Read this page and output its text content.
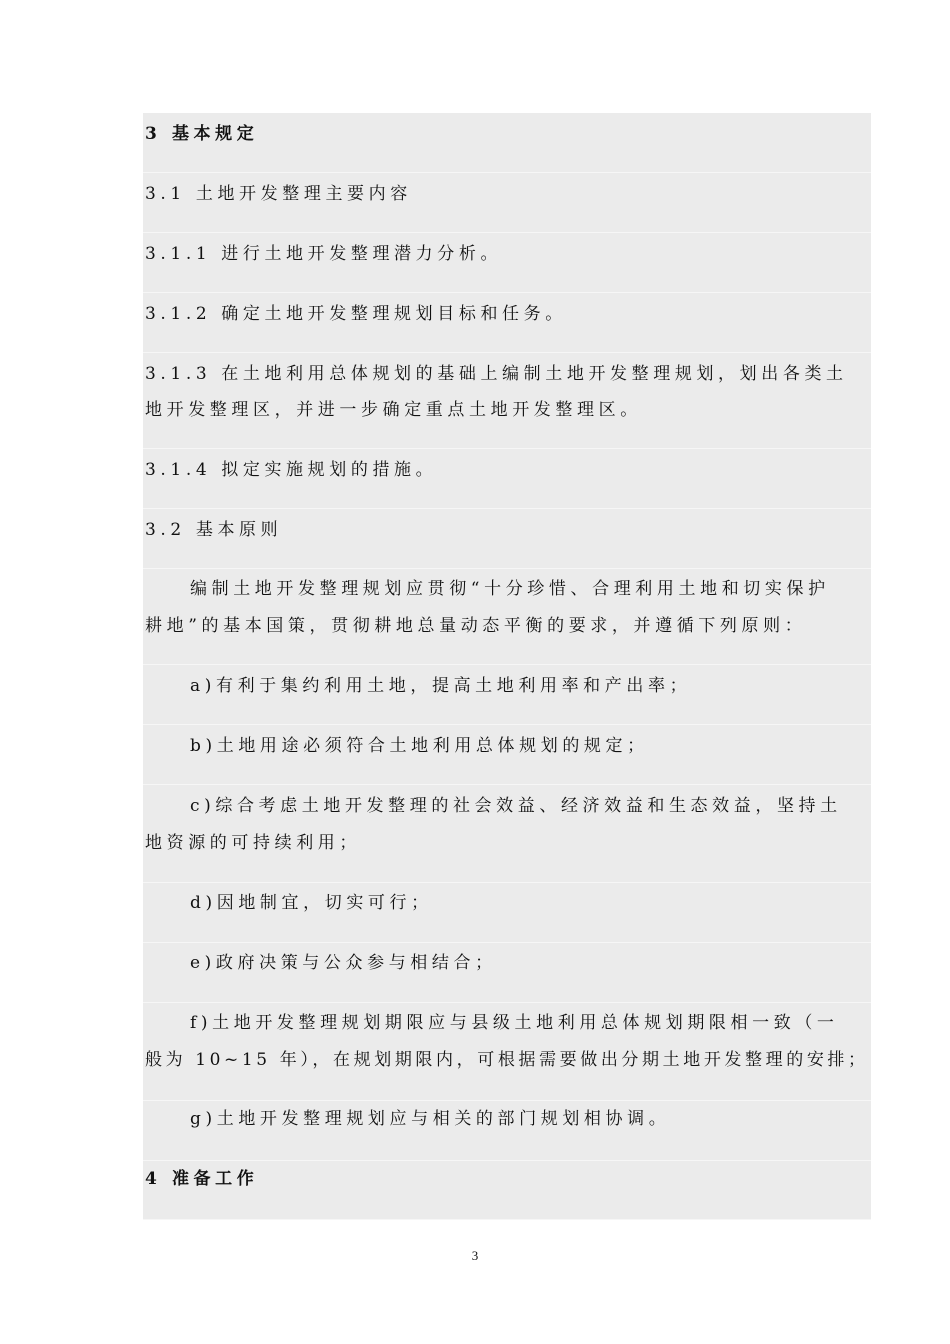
3 基本规定
3.1 土地开发整理主要内容
3.1.1 进行土地开发整理潜力分析。
3.1.2 确定土地开发整理规划目标和任务。
3.1.3 在土地利用总体规划的基础上编制土地开发整理规划，划出各类土
地开发整理区，并进一步确定重点土地开发整理区。
3.1.4 拟定实施规划的措施。
3.2 基本原则
编制土地开发整理规划应贯彻“十分珍惜、合理利用土地和切实保护
耕地”的基本国策，贯彻耕地总量动态平衡的要求，并遵循下列原则：
a)有利于集约利用土地，提高土地利用率和产出率；
b)土地用途必须符合土地利用总体规划的规定；
c)综合考虑土地开发整理的社会效益、经济效益和生态效益，坚持土
地资源的可持续利用；
d)因地制宜，切实可行；
e)政府决策与公众参与相结合；
f)土地开发整理规划期限应与县级土地利用总体规划期限相一致（一
般为 10~15 年），在规划期限内，可根据需要做出分期土地开发整理的安排；
g)土地开发整理规划应与相关的部门规划相协调。
4 准备工作
3
